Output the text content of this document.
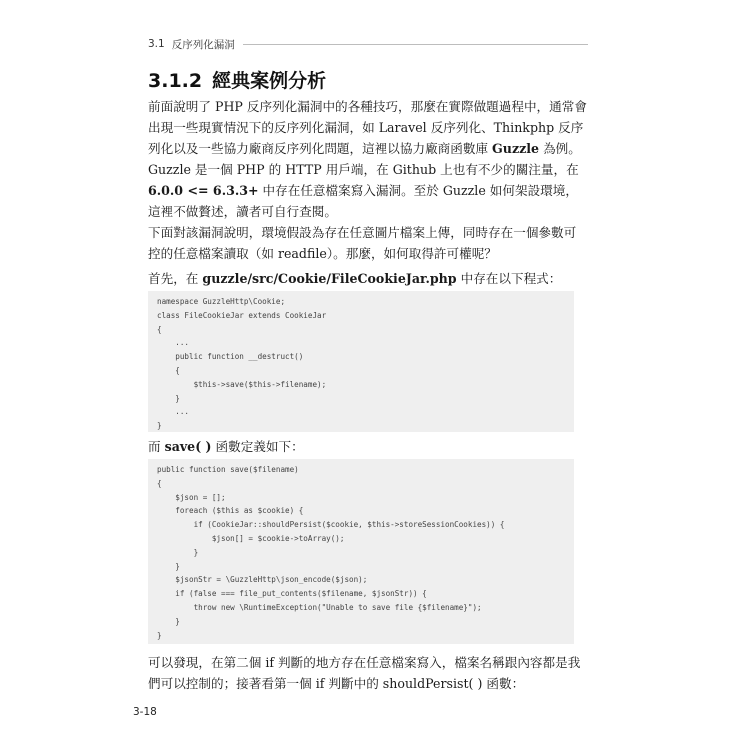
3.1 反序列化漏洞
3.1.2 經典案例分析

前面說明了 PHP 反序列化漏洞中的各種技巧，那麼在實際做題過程中，通常會出現一些現實情況下的反序列化漏洞，如 Laravel 反序列化、Thinkphp 反序列化以及一些協力廠商反序列化問題，這裡以協力廠商函數庫 Guzzle 為例。Guzzle 是一個 PHP 的 HTTP 用戶端，在 Github 上也有不少的關注量，在 6.0.0 <= 6.3.3+ 中存在任意檔案寫入漏洞。至於 Guzzle 如何架設環境，這裡不做贅述，讀者可自行查閱。

下面對該漏洞說明，環境假設為存在任意圖片檔案上傳，同時存在一個參數可控的任意檔案讀取（如 readfile）。那麼，如何取得許可權呢？

首先，在 guzzle/src/Cookie/FileCookieJar.php 中存在以下程式：

namespace GuzzleHttp\Cookie;
class FileCookieJar extends CookieJar
{
...
public function __destruct()
{
$this->save($this->filename);
}
...
}

而 save( ) 函數定義如下：

public function save($filename)
{
$json = [];
foreach ($this as $cookie) {
if (CookieJar::shouldPersist($cookie, $this->storeSessionCookies)) {
$json[] = $cookie->toArray();
}
}
$jsonStr = \GuzzleHttp\json_encode($json);
if (false === file_put_contents($filename, $jsonStr)) {
throw new \RuntimeException("Unable to save file {$filename}");
}
}

可以發現，在第二個 if 判斷的地方存在任意檔案寫入，檔案名稱跟內容都是我們可以控制的；接著看第一個 if 判斷中的 shouldPersist( ) 函數：

3-18
